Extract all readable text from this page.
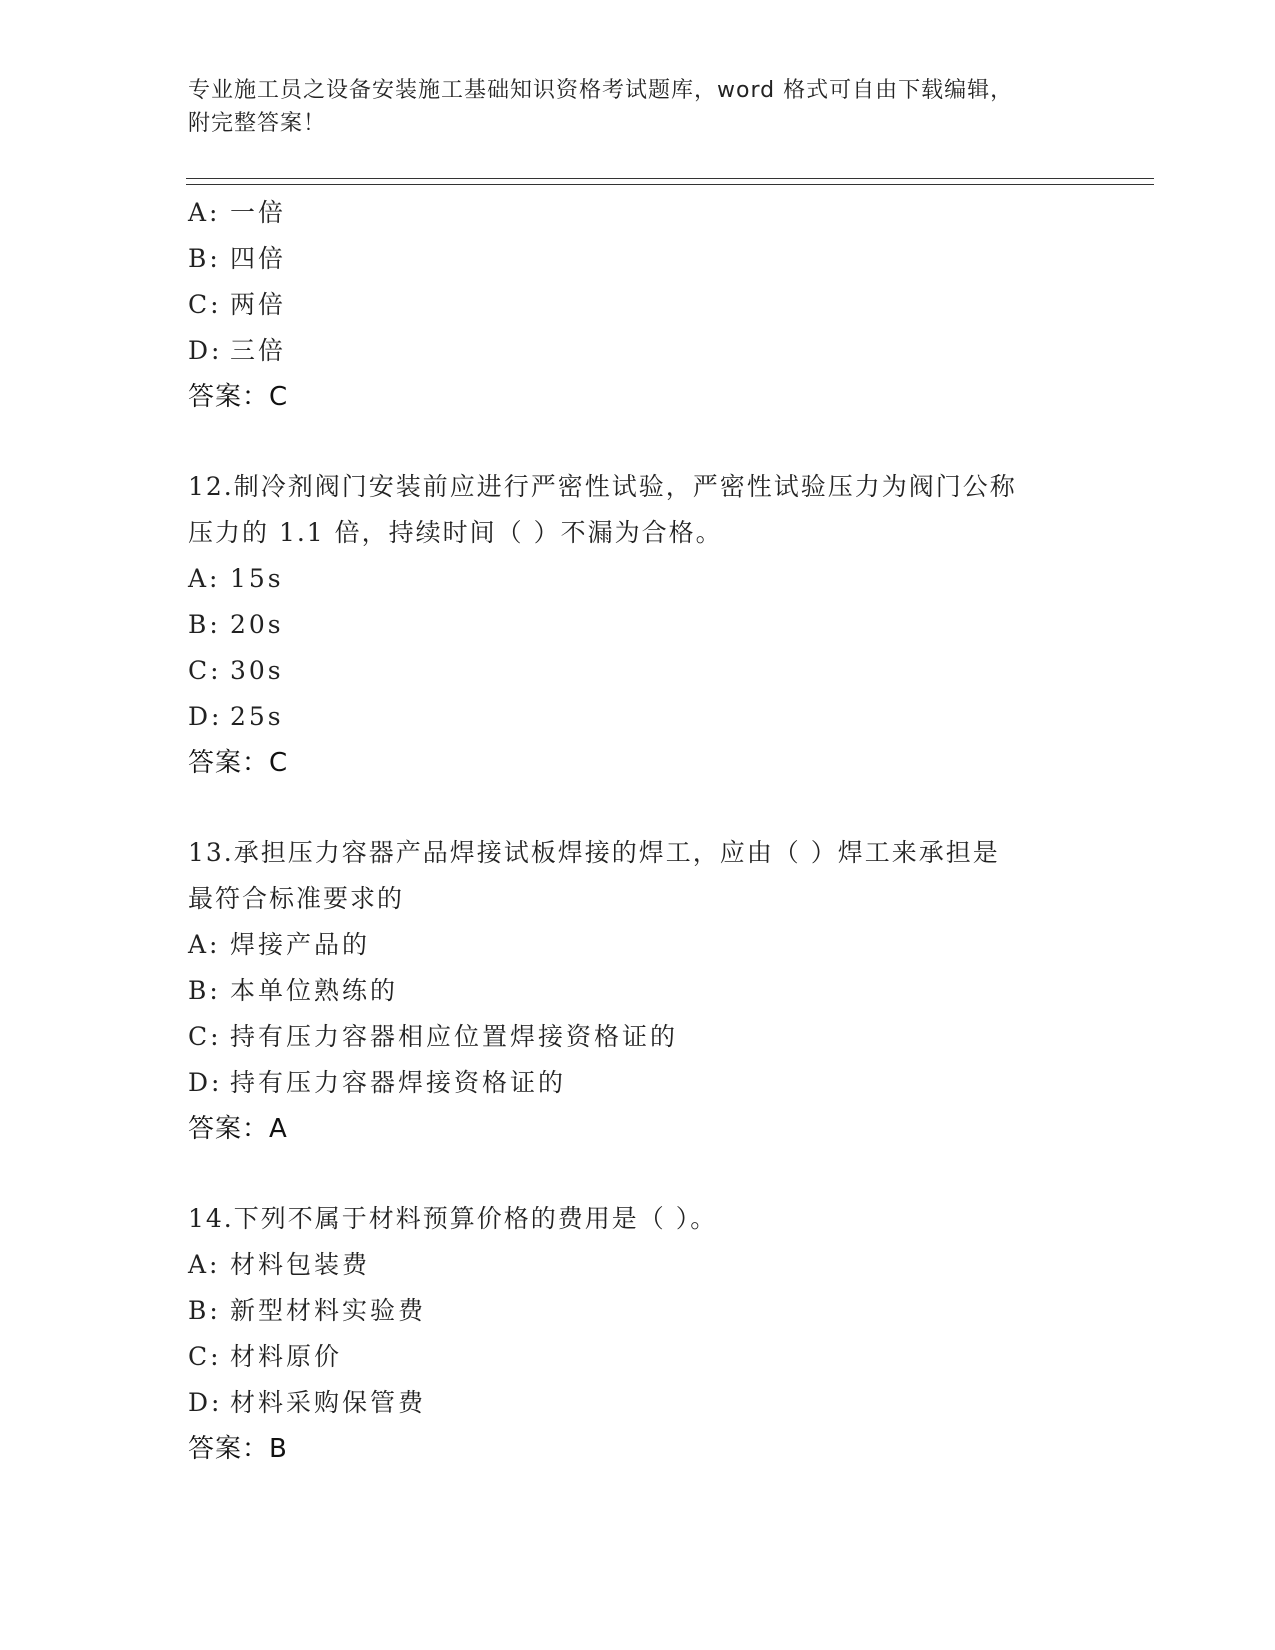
专业施工员之设备安装施工基础知识资格考试题库，word 格式可自由下载编辑，
附完整答案！
A: 一倍
B: 四倍
C: 两倍
D: 三倍
答案：C
12.制冷剂阀门安装前应进行严密性试验，严密性试验压力为阀门公称
压力的 1.1 倍，持续时间（ ）不漏为合格。
A: 15s
B: 20s
C: 30s
D: 25s
答案：C
13.承担压力容器产品焊接试板焊接的焊工，应由（ ）焊工来承担是
最符合标准要求的
A: 焊接产品的
B: 本单位熟练的
C: 持有压力容器相应位置焊接资格证的
D: 持有压力容器焊接资格证的
答案：A
14.下列不属于材料预算价格的费用是（ ）。
A: 材料包装费
B: 新型材料实验费
C: 材料原价
D: 材料采购保管费
答案：B
